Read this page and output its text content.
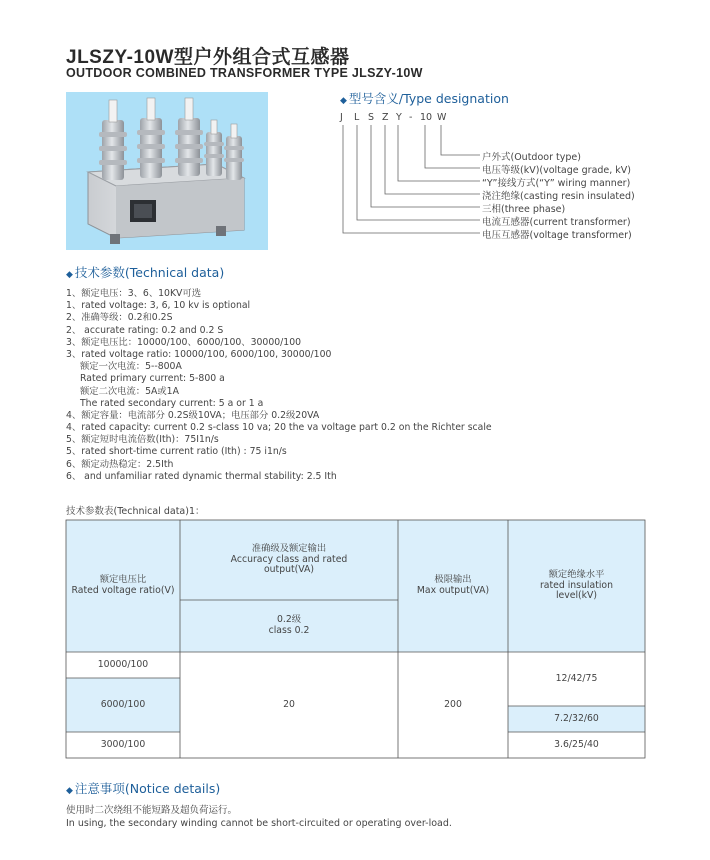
JLSZY-10W型户外组合式互感器
OUTDOOR COMBINED TRANSFORMER TYPE JLSZY-10W
◆ 型号含义/Type designation
J L S Z Y - 10 W
户外式(Outdoor type)
电压等级(kV)(voltage grade, kV)
“Y”接线方式(“Y” wiring manner)
浇注绝缘(casting resin insulated)
三相(three phase)
电流互感器(current transformer)
电压互感器(voltage transformer)
◆ 技术参数(Technical data)
1、额定电压：3、6、10KV可选
1、rated voltage: 3, 6, 10 kv is optional
2、准确等级：0.2和0.2S
2、 accurate rating: 0.2 and 0.2 S
3、额定电压比：10000/100、6000/100、30000/100
3、rated voltage ratio: 10000/100, 6000/100, 30000/100
额定一次电流：5--800A
Rated primary current: 5-800 a
额定二次电流：5A或1A
The rated secondary current: 5 a or 1 a
4、额定容量：电流部分 0.2S级10VA；电压部分 0.2级20VA
4、rated capacity: current 0.2 s-class 10 va; 20 the va voltage part 0.2 on the Richter scale
5、额定短时电流倍数(Ith)：75I1n/s
5、rated short-time current ratio (Ith) : 75 i1n/s
6、额定动热稳定：2.5Ith
6、 and unfamiliar rated dynamic thermal stability: 2.5 Ith
技术参数表(Technical data)1：
额定电压比
Rated voltage ratio(V)
准确级及额定输出
Accuracy class and rated output(VA)
0.2级
class 0.2
极限输出
Max output(VA)
额定绝缘水平
rated insulation level(kV)
10000/100
6000/100
3000/100
20	200
12/42/75
7.2/32/60
3.6/25/40
◆ 注意事项(Notice details)
使用时二次绕组不能短路及超负荷运行。
In using, the secondary winding cannot be short-circuited or operating over-load.
